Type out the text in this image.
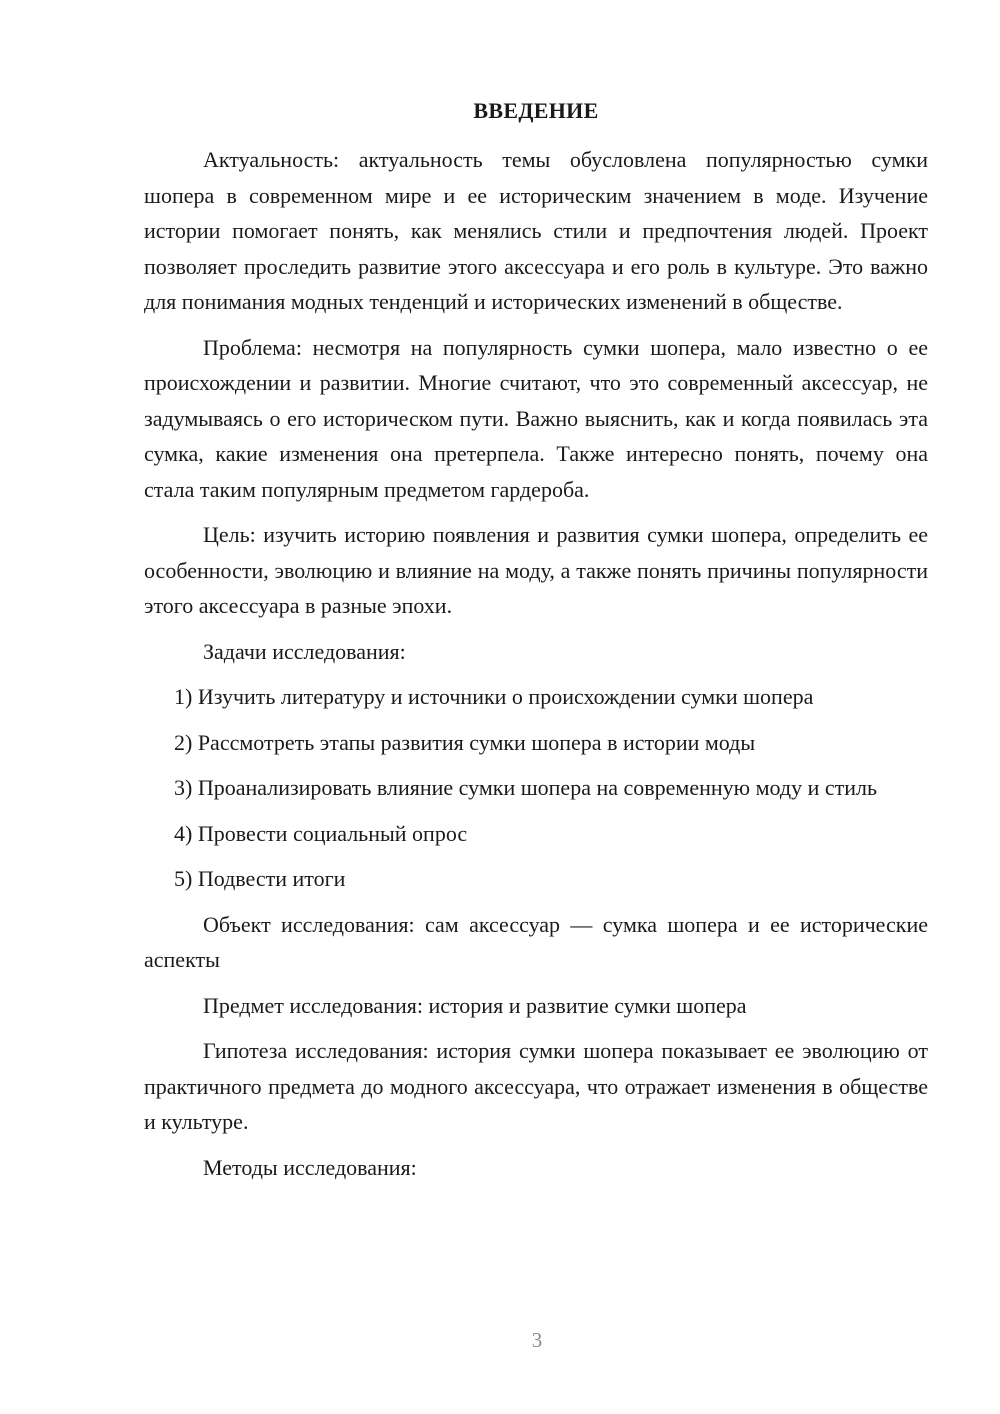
ВВЕДЕНИЕ

Актуальность: актуальность темы обусловлена популярностью сумки шопера в современном мире и ее историческим значением в моде. Изучение истории помогает понять, как менялись стили и предпочтения людей. Проект позволяет проследить развитие этого аксессуара и его роль в культуре. Это важно для понимания модных тенденций и исторических изменений в обществе.

Проблема: несмотря на популярность сумки шопера, мало известно о ее происхождении и развитии. Многие считают, что это современный аксессуар, не задумываясь о его историческом пути. Важно выяснить, как и когда появилась эта сумка, какие изменения она претерпела. Также интересно понять, почему она стала таким популярным предметом гардероба.

Цель: изучить историю появления и развития сумки шопера, определить ее особенности, эволюцию и влияние на моду, а также понять причины популярности этого аксессуара в разные эпохи.

Задачи исследования:

1) Изучить литературу и источники о происхождении сумки шопера

2) Рассмотреть этапы развития сумки шопера в истории моды

3) Проанализировать влияние сумки шопера на современную моду и стиль

4) Провести социальный опрос

5) Подвести итоги

Объект исследования: сам аксессуар — сумка шопера и ее исторические аспекты

Предмет исследования: история и развитие сумки шопера

Гипотеза исследования: история сумки шопера показывает ее эволюцию от практичного предмета до модного аксессуара, что отражает изменения в обществе и культуре.

Методы исследования:

3
